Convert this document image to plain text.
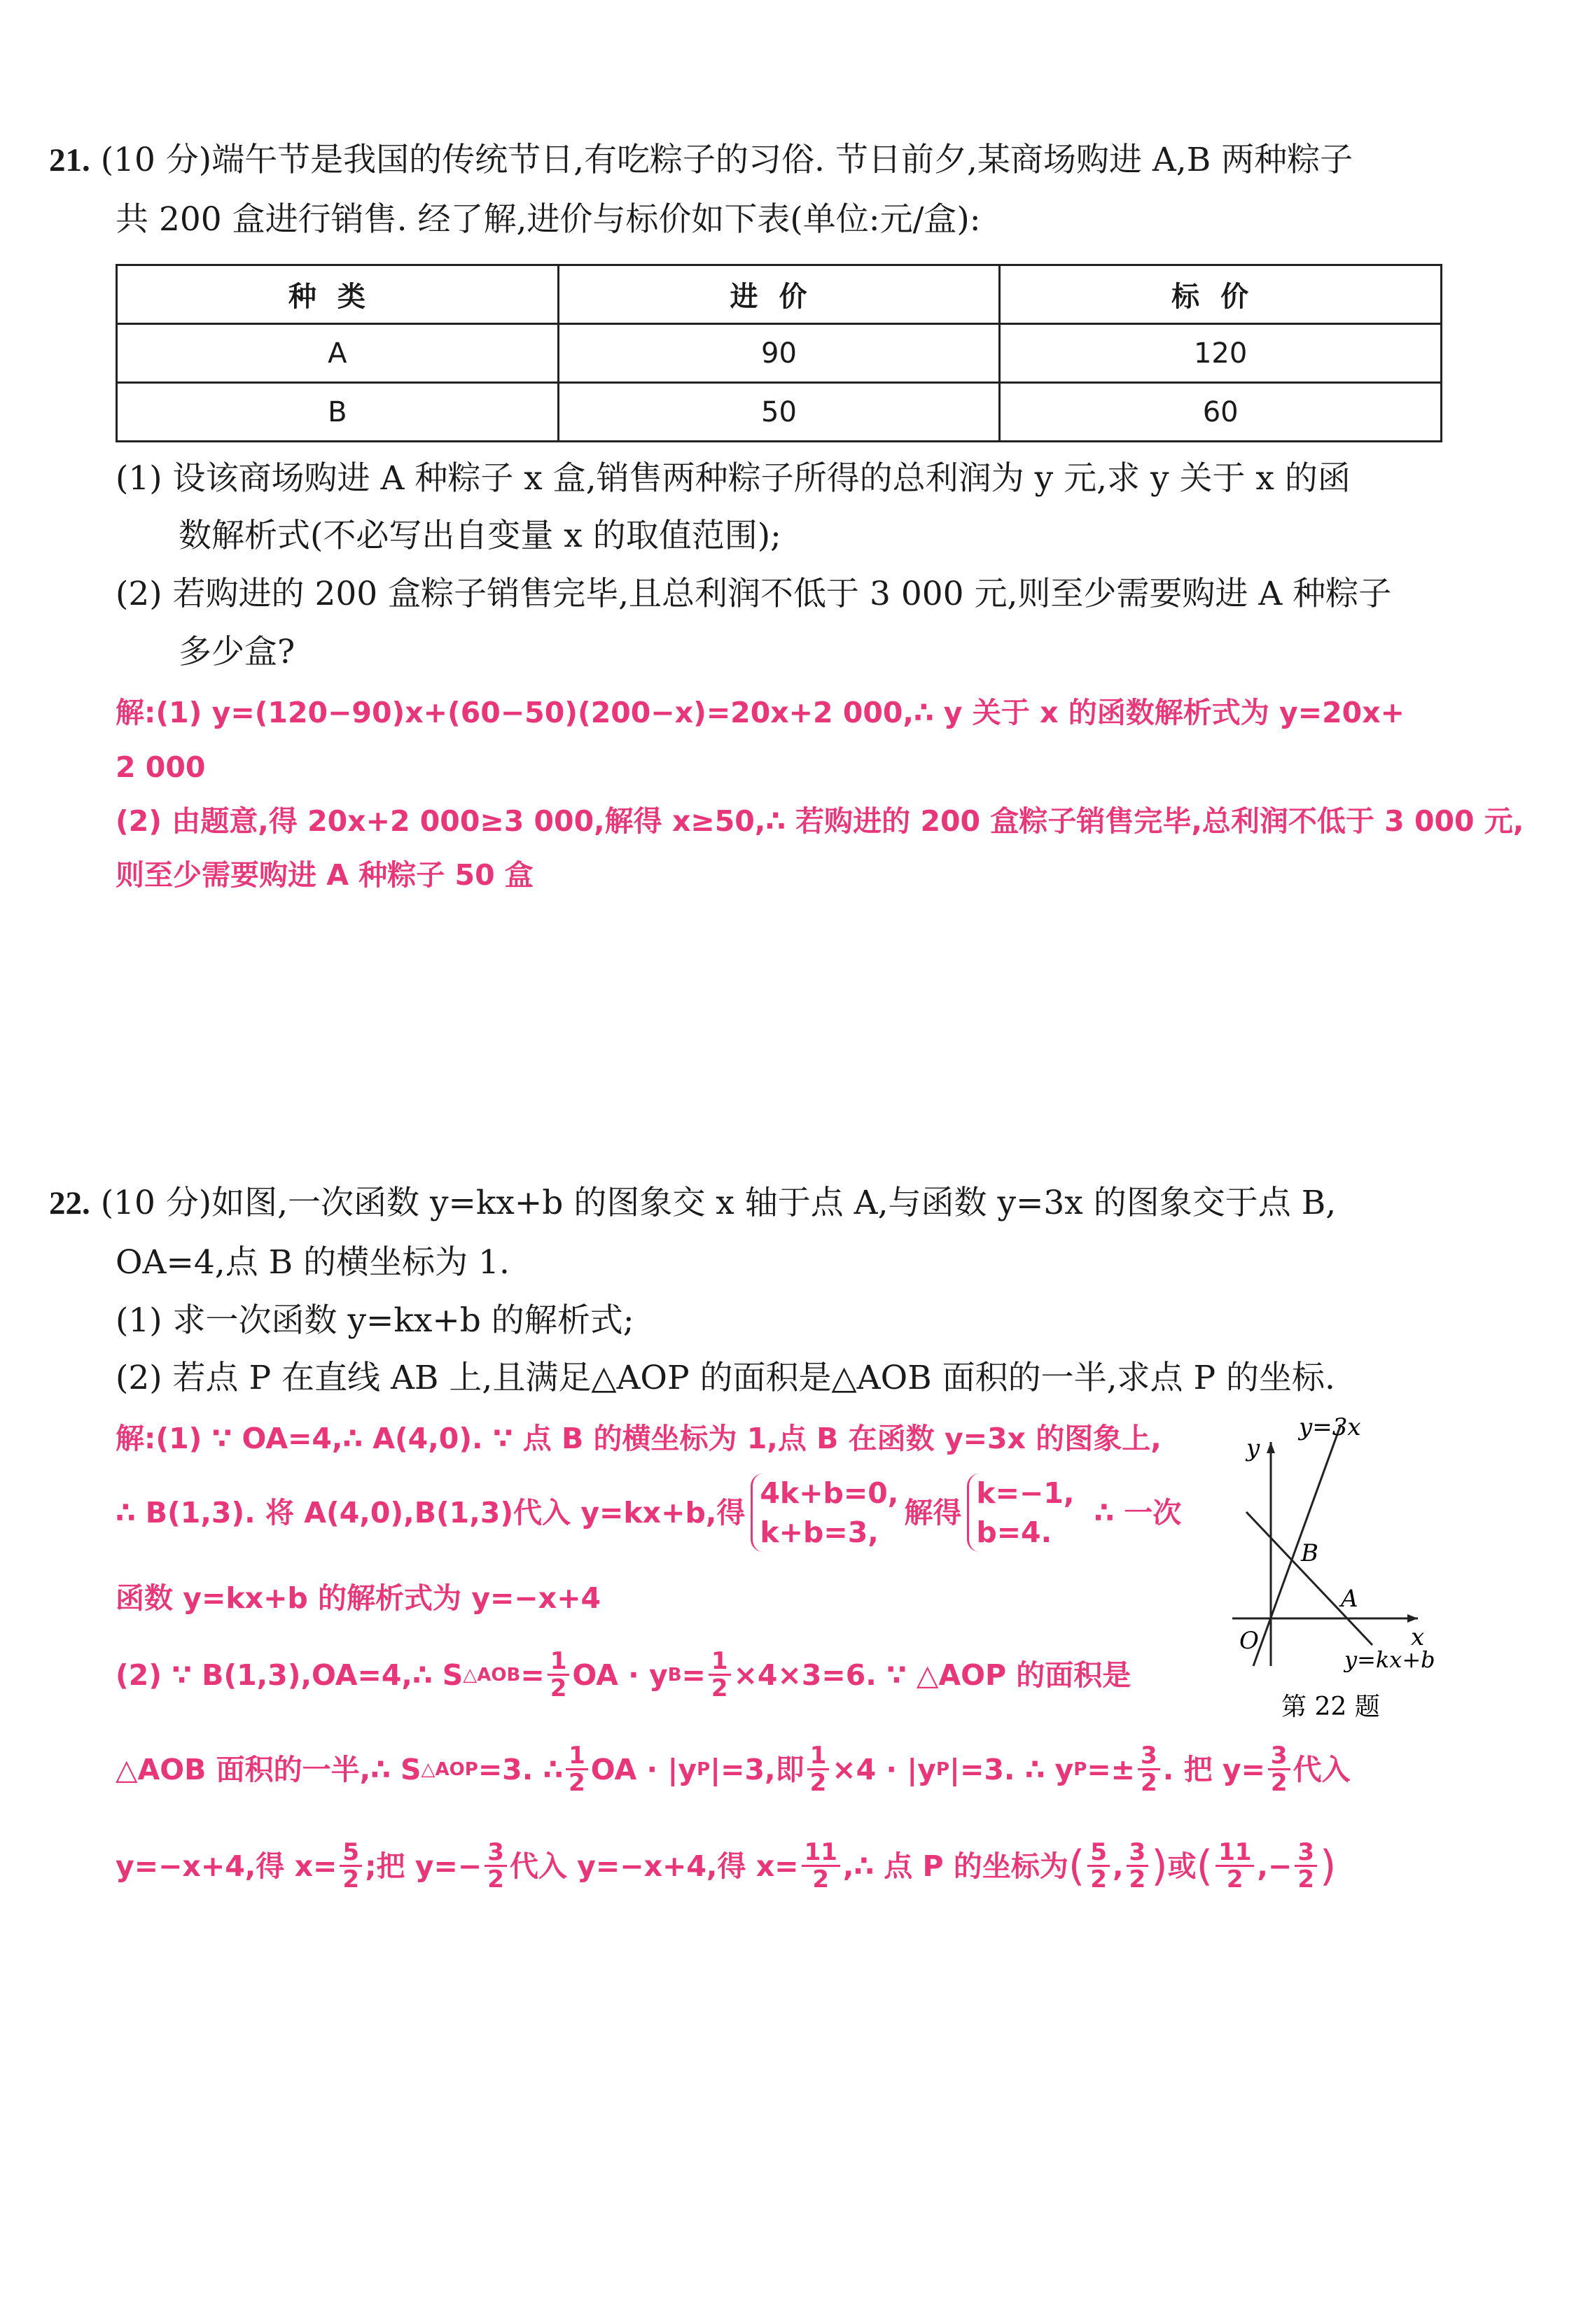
21. (10 分)端午节是我国的传统节日,有吃粽子的习俗. 节日前夕,某商场购进 A,B 两种粽子
共 200 盒进行销售. 经了解,进价与标价如下表(单位:元/盒):
种类	进价	标价
A	90	120
B	50	60
(1) 设该商场购进 A 种粽子 x 盒,销售两种粽子所得的总利润为 y 元,求 y 关于 x 的函
数解析式(不必写出自变量 x 的取值范围);
(2) 若购进的 200 盒粽子销售完毕,且总利润不低于 3 000 元,则至少需要购进 A 种粽子
多少盒?
解:(1) y=(120−90)x+(60−50)(200−x)=20x+2 000,∴ y 关于 x 的函数解析式为 y=20x+
2 000
(2) 由题意,得 20x+2 000≥3 000,解得 x≥50,∴ 若购进的 200 盒粽子销售完毕,总利润不低于 3 000 元,
则至少需要购进 A 种粽子 50 盒
22. (10 分)如图,一次函数 y=kx+b 的图象交 x 轴于点 A,与函数 y=3x 的图象交于点 B,
OA=4,点 B 的横坐标为 1.
(1) 求一次函数 y=kx+b 的解析式;
(2) 若点 P 在直线 AB 上,且满足△AOP 的面积是△AOB 面积的一半,求点 P 的坐标.
解:(1) ∵ OA=4,∴ A(4,0). ∵ 点 B 的横坐标为 1,点 B 在函数 y=3x 的图象上,
∴ B(1,3). 将 A(4,0),B(1,3)代入 y=kx+b,得
4k+b=0,
k+b=3,
解得
k=−1,
b=4.
∴ 一次
函数 y=kx+b 的解析式为 y=−x+4
(2) ∵ B(1,3),OA=4,∴ S △AOB = $\frac{1}{2}$ OA · y $B = \frac{1}{2} \times 4\times 3=6$. ∵ △AOP 的面积是
△AOB 面积的一半,∴ S △AOP =3. ∴ $\frac{1}{2}$ OA · |y P |=3,即 $\frac{1}{2} \times 4 \cdot |y$ P |=3. ∴ y $P =\pm \frac{3}{2}$ . 把 $y= \frac{3}{2}$ 代入
y=−x+4,得 $x= \frac{5}{2}$ ;把 $y=- \frac{3}{2}$ 代入 y=−x+4,得 $x= \frac{11}{2}$ ,∴ 点 P 的坐标为 ( $\frac{5}{2}$ , $\frac{3}{2}$ ) 或 ( $\frac{11}{2}$ , − $\frac{3}{2}$ )
y=3x
y
x
O
A
B
y=kx+b
第 22 题
